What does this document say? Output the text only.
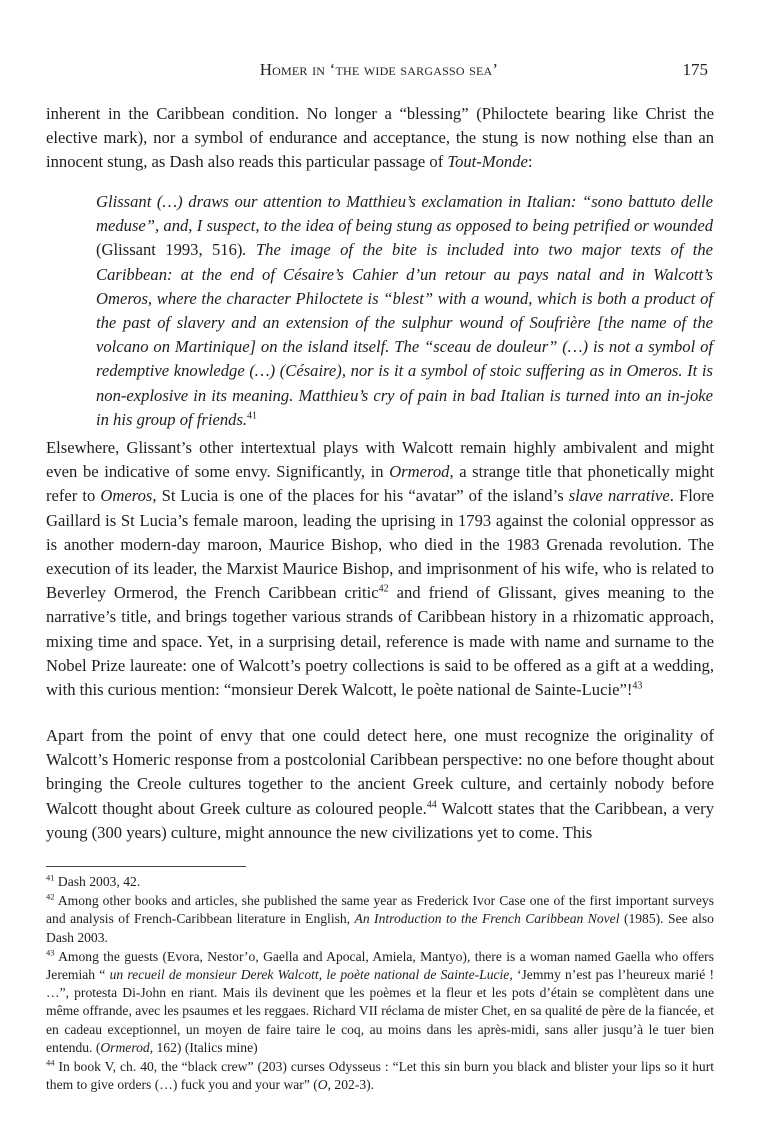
Homer in ‘the wide sargasso sea’	175

inherent in the Caribbean condition. No longer a “blessing” (Philoctete bearing like Christ the elective mark), nor a symbol of endurance and acceptance, the stung is now nothing else than an innocent stung, as Dash also reads this particular passage of Tout-Monde:

Glissant (…) draws our attention to Matthieu’s exclamation in Italian: “sono battuto delle meduse”, and, I suspect, to the idea of being stung as opposed to being petrified or wounded (Glissant 1993, 516). The image of the bite is included into two major texts of the Caribbean: at the end of Césaire’s Cahier d’un retour au pays natal and in Walcott’s Omeros, where the character Philoctete is “blest” with a wound, which is both a product of the past of slavery and an extension of the sulphur wound of Soufrière [the name of the volcano on Martinique] on the island itself. The “sceau de douleur” (…) is not a symbol of redemptive knowledge (…) (Césaire), nor is it a symbol of stoic suffering as in Omeros. It is non-explosive in its meaning. Matthieu’s cry of pain in bad Italian is turned into an in-joke in his group of friends.$^{41}$

Elsewhere, Glissant’s other intertextual plays with Walcott remain highly ambivalent and might even be indicative of some envy. Significantly, in Ormerod, a strange title that phonetically might refer to Omeros, St Lucia is one of the places for his “avatar” of the island’s slave narrative. Flore Gaillard is St Lucia’s female maroon, leading the uprising in 1793 against the colonial oppressor as is another modern-day maroon, Maurice Bishop, who died in the 1983 Grenada revolution. The execution of its leader, the Marxist Maurice Bishop, and imprisonment of his wife, who is related to Beverley Ormerod, the French Caribbean critic$^{42}$ and friend of Glissant, gives meaning to the narrative’s title, and brings together various strands of Caribbean history in a rhizomatic approach, mixing time and space. Yet, in a surprising detail, reference is made with name and surname to the Nobel Prize laureate: one of Walcott’s poetry collections is said to be offered as a gift at a wedding, with this curious mention: “monsieur Derek Walcott, le poète national de Sainte-Lucie”!$^{43}$

Apart from the point of envy that one could detect here, one must recognize the originality of Walcott’s Homeric response from a postcolonial Caribbean perspective: no one before thought about bringing the Creole cultures together to the ancient Greek culture, and certainly nobody before Walcott thought about Greek culture as coloured people.$^{44}$ Walcott states that the Caribbean, a very young (300 years) culture, might announce the new civilizations yet to come. This

$^{41}$ Dash 2003, 42.

$^{42}$ Among other books and articles, she published the same year as Frederick Ivor Case one of the first important surveys and analysis of French-Caribbean literature in English, An Introduction to the French Caribbean Novel (1985). See also Dash 2003.

$^{43}$ Among the guests (Evora, Nestor’o, Gaella and Apocal, Amiela, Mantyo), there is a woman named Gaella who offers Jeremiah “ un recueil de monsieur Derek Walcott, le poète national de Sainte-Lucie, ‘Jemmy n’est pas l’heureux marié ! …”, protesta Di-John en riant. Mais ils devinent que les poèmes et la fleur et les pots d’étain se complètent dans une même offrande, avec les psaumes et les reggaes. Richard VII réclama de mister Chet, en sa qualité de père de la fiancée, et en cadeau exceptionnel, un moyen de faire taire le coq, au moins dans les après-midi, sans aller jusqu’à le tuer bien entendu. (Ormerod, 162) (Italics mine)

$^{44}$ In book V, ch. 40, the “black crew” (203) curses Odysseus : “Let this sin burn you black and blister your lips so it hurt them to give orders (…) fuck you and your war” (O, 202-3).
